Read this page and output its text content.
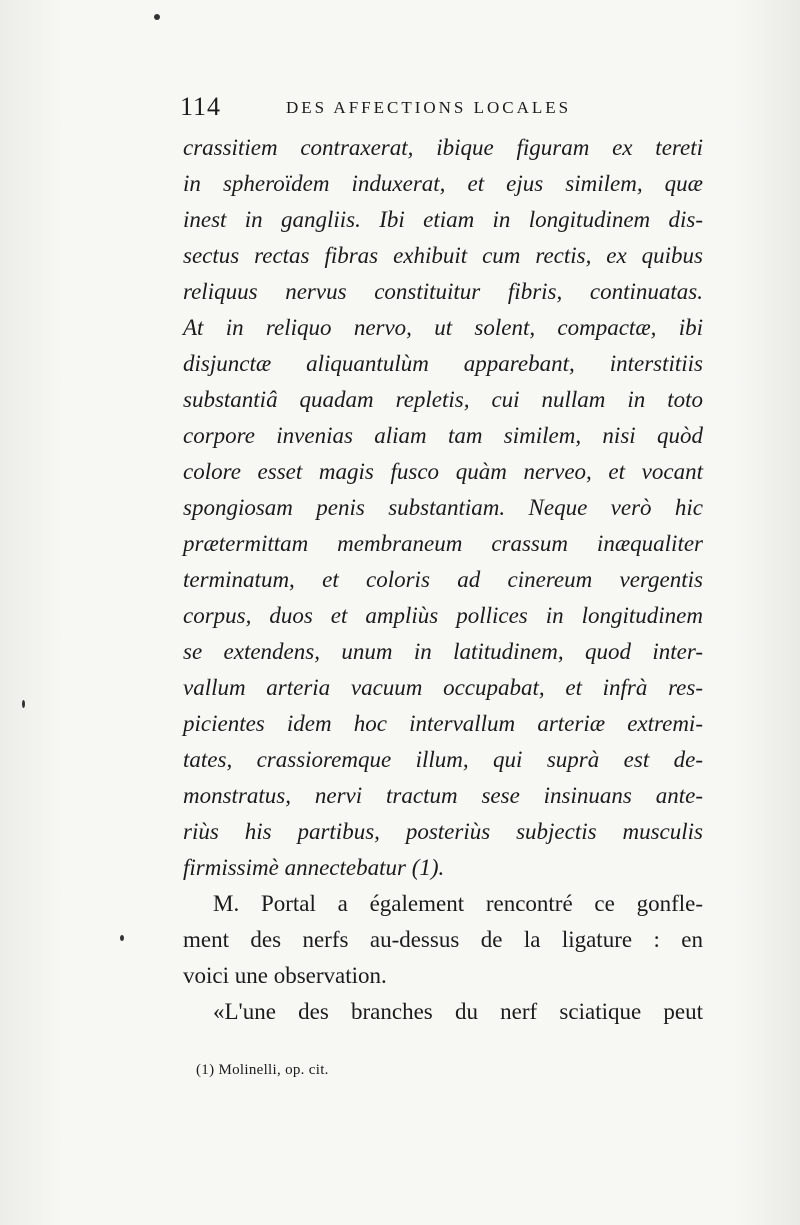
114	DES AFFECTIONS LOCALES
crassitiem contraxerat, ibique figuram ex tereti
in spheroïdem induxerat, et ejus similem, quæ
inest in gangliis. Ibi etiam in longitudinem dis-
sectus rectas fibras exhibuit cum rectis, ex quibus
reliquus nervus constituitur fibris, continuatas.
At in reliquo nervo, ut solent, compactæ, ibi
disjunctæ aliquantulùm apparebant, interstitiis
substantiâ quadam repletis, cui nullam in toto
corpore invenias aliam tam similem, nisi quòd
colore esset magis fusco quàm nerveo, et vocant
spongiosam penis substantiam. Neque verò hic
prætermittam membraneum crassum inæqualiter
terminatum, et coloris ad cinereum vergentis
corpus, duos et ampliùs pollices in longitudinem
se extendens, unum in latitudinem, quod inter-
vallum arteria vacuum occupabat, et infrà res-
picientes idem hoc intervallum arteriæ extremi-
tates, crassioremque illum, qui suprà est de-
monstratus, nervi tractum sese insinuans ante-
riùs his partibus, posteriùs subjectis musculis
firmissimè annectebatur (1).
M. Portal a également rencontré ce gonfle-
ment des nerfs au-dessus de la ligature : en
voici une observation.
«L'une des branches du nerf sciatique peut
(1) Molinelli, op. cit.
